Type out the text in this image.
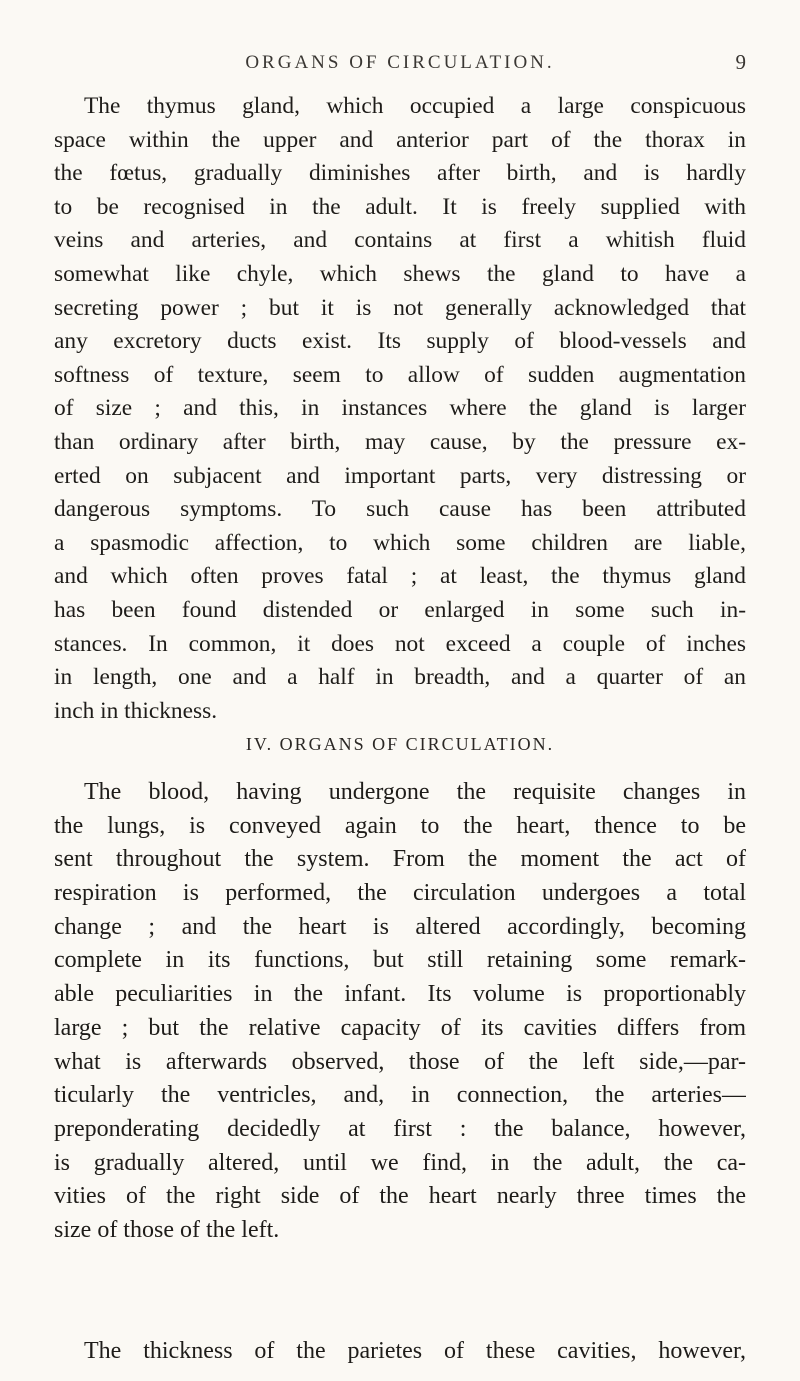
ORGANS OF CIRCULATION.	9
The thymus gland, which occupied a large conspicuous
space within the upper and anterior part of the thorax in
the fœtus, gradually diminishes after birth, and is hardly
to be recognised in the adult. It is freely supplied with
veins and arteries, and contains at first a whitish fluid
somewhat like chyle, which shews the gland to have a
secreting power ; but it is not generally acknowledged that
any excretory ducts exist. Its supply of blood-vessels and
softness of texture, seem to allow of sudden augmentation
of size ; and this, in instances where the gland is larger
than ordinary after birth, may cause, by the pressure ex-
erted on subjacent and important parts, very distressing or
dangerous symptoms. To such cause has been attributed
a spasmodic affection, to which some children are liable,
and which often proves fatal ; at least, the thymus gland
has been found distended or enlarged in some such in-
stances. In common, it does not exceed a couple of inches
in length, one and a half in breadth, and a quarter of an
inch in thickness.
IV. ORGANS OF CIRCULATION.
The blood, having undergone the requisite changes in
the lungs, is conveyed again to the heart, thence to be
sent throughout the system. From the moment the act of
respiration is performed, the circulation undergoes a total
change ; and the heart is altered accordingly, becoming
complete in its functions, but still retaining some remark-
able peculiarities in the infant. Its volume is proportionably
large ; but the relative capacity of its cavities differs from
what is afterwards observed, those of the left side,—par-
ticularly the ventricles, and, in connection, the arteries—
preponderating decidedly at first : the balance, however,
is gradually altered, until we find, in the adult, the ca-
vities of the right side of the heart nearly three times the
size of those of the left.
The thickness of the parietes of these cavities, however,
